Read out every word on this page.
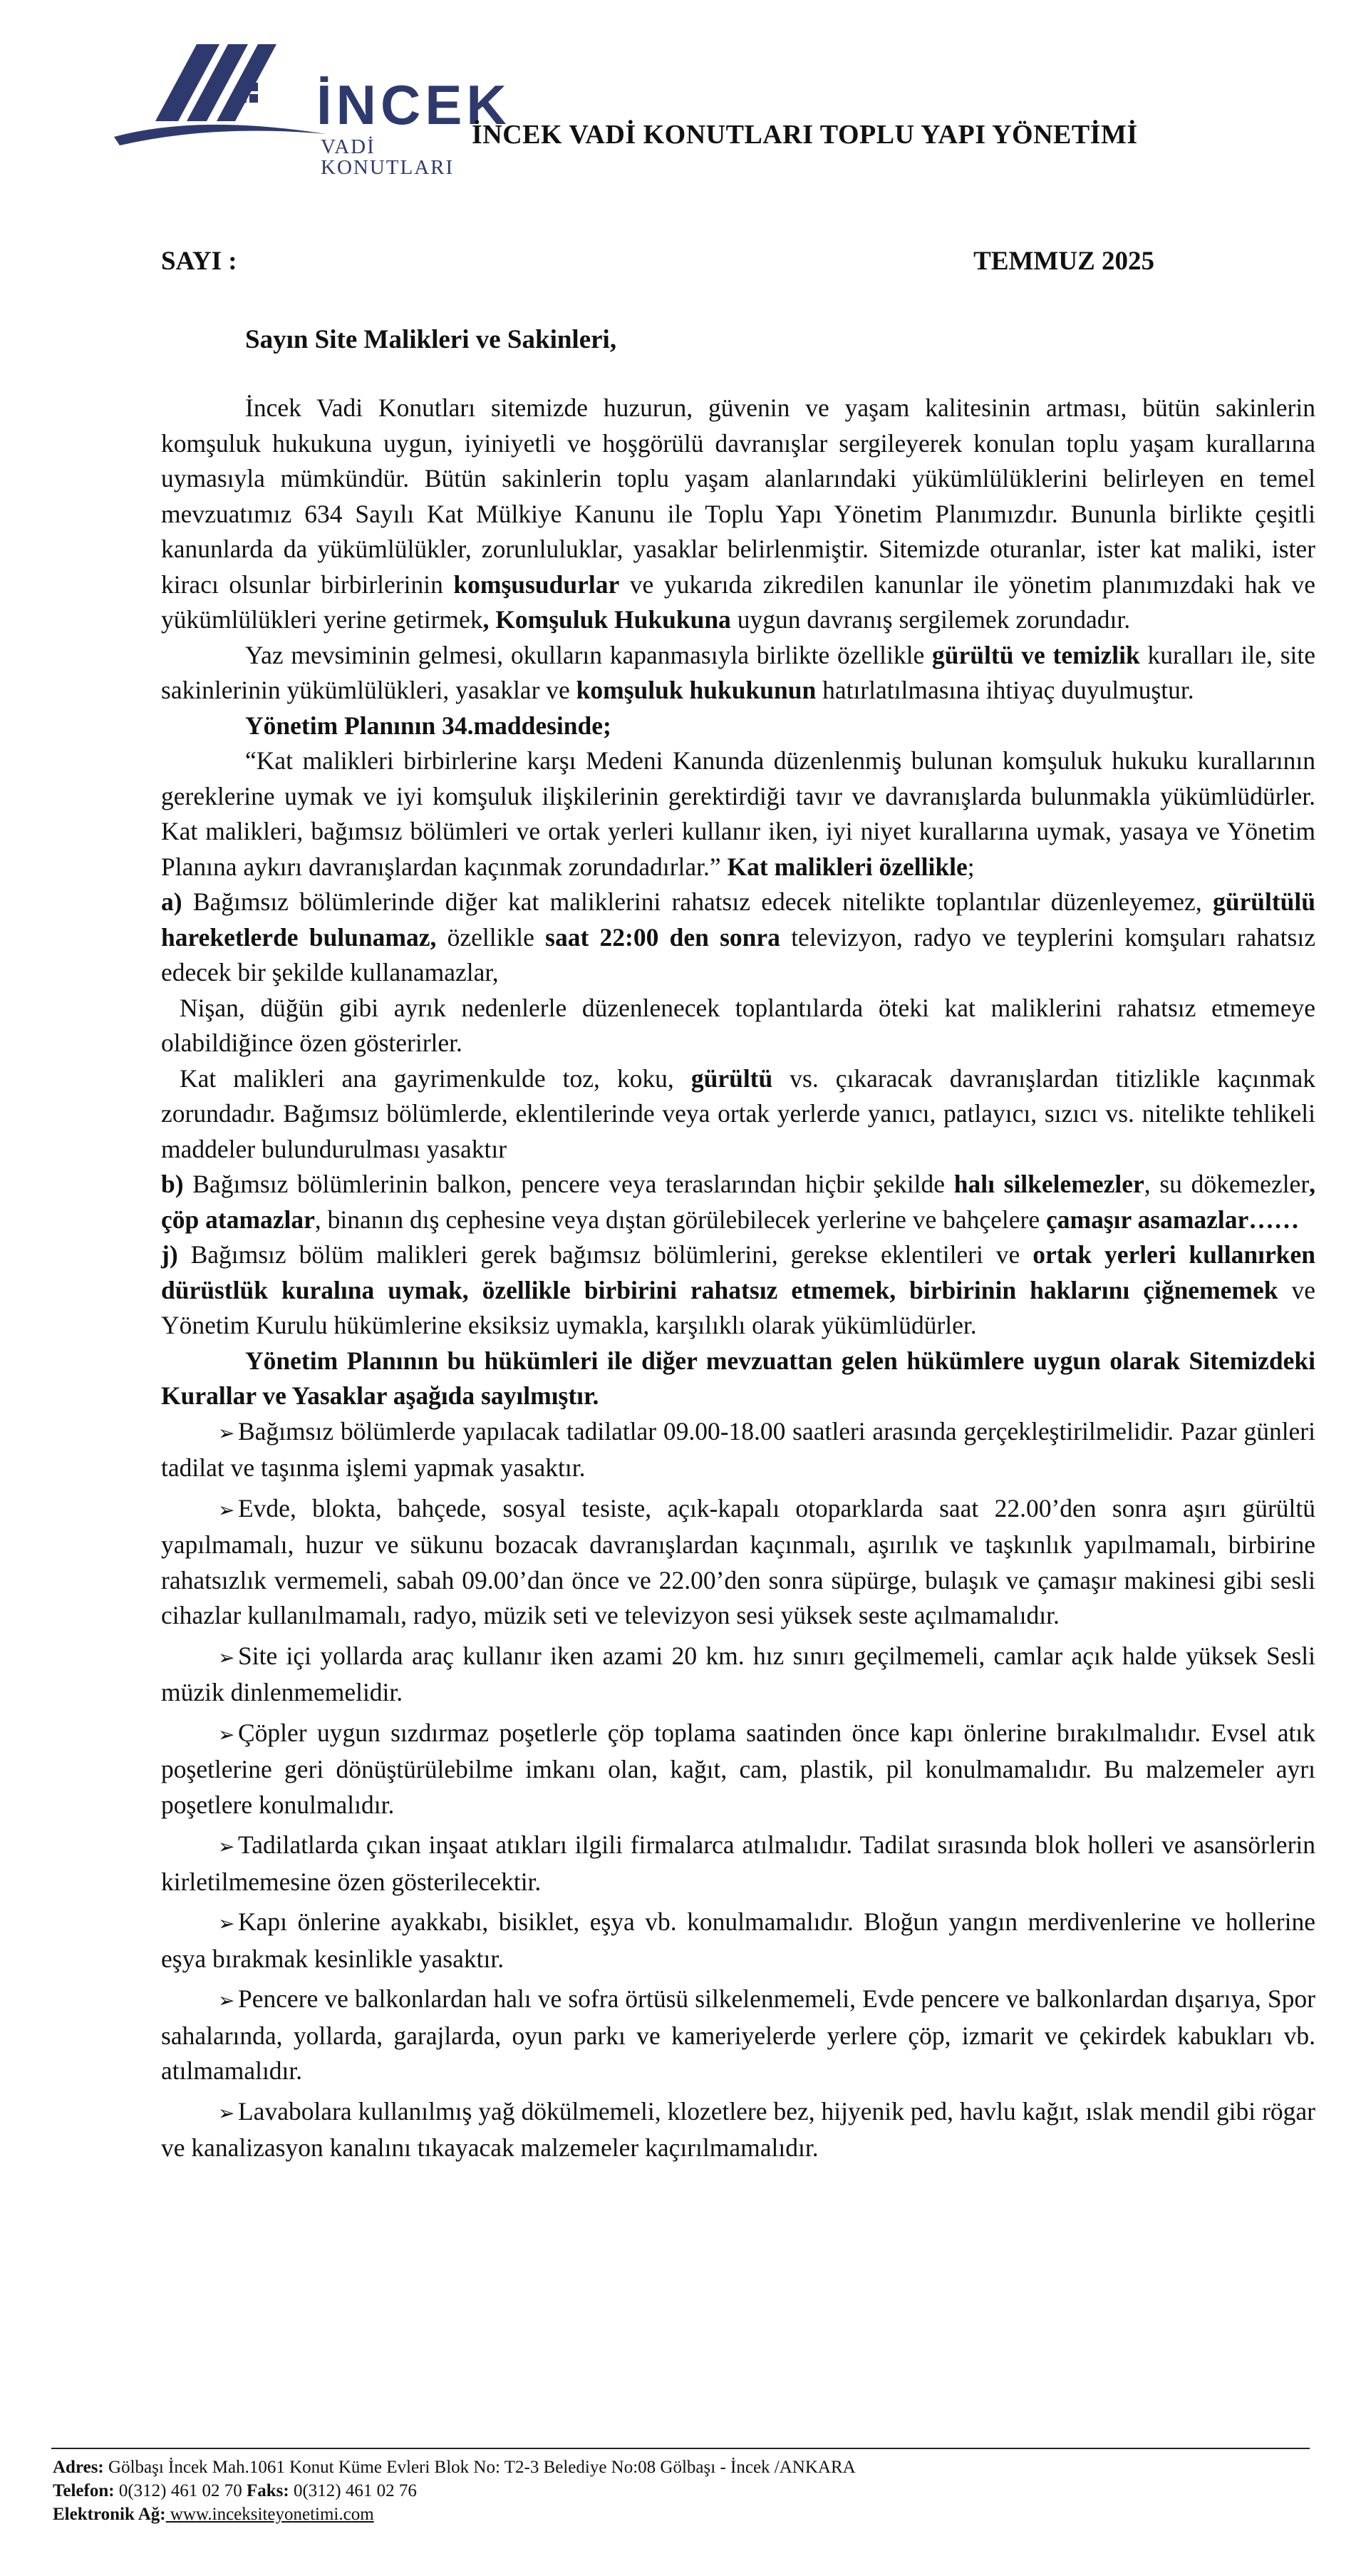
İNCEK
VADİ KONUTLARI
İNCEK VADİ KONUTLARI TOPLU YAPI YÖNETİMİ
SAYI :	TEMMUZ 2025
Sayın Site Malikleri ve Sakinleri,

İncek Vadi Konutları sitemizde huzurun, güvenin ve yaşam kalitesinin artması, bütün sakinlerin komşuluk hukukuna uygun, iyiniyetli ve hoşgörülü davranışlar sergileyerek konulan toplu yaşam kurallarına uymasıyla mümkündür. Bütün sakinlerin toplu yaşam alanlarındaki yükümlülüklerini belirleyen en temel mevzuatımız 634 Sayılı Kat Mülkiye Kanunu ile Toplu Yapı Yönetim Planımızdır. Bununla birlikte çeşitli kanunlarda da yükümlülükler, zorunluluklar, yasaklar belirlenmiştir. Sitemizde oturanlar, ister kat maliki, ister kiracı olsunlar birbirlerinin komşusudurlar ve yukarıda zikredilen kanunlar ile yönetim planımızdaki hak ve yükümlülükleri yerine getirmek, Komşuluk Hukukuna uygun davranış sergilemek zorundadır.

Yaz mevsiminin gelmesi, okulların kapanmasıyla birlikte özellikle gürültü ve temizlik kuralları ile, site sakinlerinin yükümlülükleri, yasaklar ve komşuluk hukukunun hatırlatılmasına ihtiyaç duyulmuştur.

Yönetim Planının 34.maddesinde;

“Kat malikleri birbirlerine karşı Medeni Kanunda düzenlenmiş bulunan komşuluk hukuku kurallarının gereklerine uymak ve iyi komşuluk ilişkilerinin gerektirdiği tavır ve davranışlarda bulunmakla yükümlüdürler. Kat malikleri, bağımsız bölümleri ve ortak yerleri kullanır iken, iyi niyet kurallarına uymak, yasaya ve Yönetim Planına aykırı davranışlardan kaçınmak zorundadırlar.” Kat malikleri özellikle;

a) Bağımsız bölümlerinde diğer kat maliklerini rahatsız edecek nitelikte toplantılar düzenleyemez, gürültülü hareketlerde bulunamaz, özellikle saat 22:00 den sonra televizyon, radyo ve teyplerini komşuları rahatsız edecek bir şekilde kullanamazlar,

Nişan, düğün gibi ayrık nedenlerle düzenlenecek toplantılarda öteki kat maliklerini rahatsız etmemeye olabildiğince özen gösterirler.

Kat malikleri ana gayrimenkulde toz, koku, gürültü vs. çıkaracak davranışlardan titizlikle kaçınmak zorundadır. Bağımsız bölümlerde, eklentilerinde veya ortak yerlerde yanıcı, patlayıcı, sızıcı vs. nitelikte tehlikeli maddeler bulundurulması yasaktır

b) Bağımsız bölümlerinin balkon, pencere veya teraslarından hiçbir şekilde halı silkelemezler, su dökemezler, çöp atamazlar, binanın dış cephesine veya dıştan görülebilecek yerlerine ve bahçelere çamaşır asamazlar……

j) Bağımsız bölüm malikleri gerek bağımsız bölümlerini, gerekse eklentileri ve ortak yerleri kullanırken dürüstlük kuralına uymak, özellikle birbirini rahatsız etmemek, birbirinin haklarını çiğnememek ve Yönetim Kurulu hükümlerine eksiksiz uymakla, karşılıklı olarak yükümlüdürler.

Yönetim Planının bu hükümleri ile diğer mevzuattan gelen hükümlere uygun olarak Sitemizdeki Kurallar ve Yasaklar aşağıda sayılmıştır.

➢ Bağımsız bölümlerde yapılacak tadilatlar 09.00-18.00 saatleri arasında gerçekleştirilmelidir. Pazar günleri tadilat ve taşınma işlemi yapmak yasaktır.
➢ Evde, blokta, bahçede, sosyal tesiste, açık-kapalı otoparklarda saat 22.00’den sonra aşırı gürültü yapılmamalı, huzur ve sükunu bozacak davranışlardan kaçınmalı, aşırılık ve taşkınlık yapılmamalı, birbirine rahatsızlık vermemeli, sabah 09.00’dan önce ve 22.00’den sonra süpürge, bulaşık ve çamaşır makinesi gibi sesli cihazlar kullanılmamalı, radyo, müzik seti ve televizyon sesi yüksek seste açılmamalıdır.
➢ Site içi yollarda araç kullanır iken azami 20 km. hız sınırı geçilmemeli, camlar açık halde yüksek Sesli müzik dinlenmemelidir.
➢ Çöpler uygun sızdırmaz poşetlerle çöp toplama saatinden önce kapı önlerine bırakılmalıdır. Evsel atık poşetlerine geri dönüştürülebilme imkanı olan, kağıt, cam, plastik, pil konulmamalıdır. Bu malzemeler ayrı poşetlere konulmalıdır.
➢ Tadilatlarda çıkan inşaat atıkları ilgili firmalarca atılmalıdır. Tadilat sırasında blok holleri ve asansörlerin kirletilmemesine özen gösterilecektir.
➢ Kapı önlerine ayakkabı, bisiklet, eşya vb. konulmamalıdır. Bloğun yangın merdivenlerine ve hollerine eşya bırakmak kesinlikle yasaktır.
➢ Pencere ve balkonlardan halı ve sofra örtüsü silkelenmemeli, Evde pencere ve balkonlardan dışarıya, Spor sahalarında, yollarda, garajlarda, oyun parkı ve kameriyelerde yerlere çöp, izmarit ve çekirdek kabukları vb. atılmamalıdır.
➢ Lavabolara kullanılmış yağ dökülmemeli, klozetlere bez, hijyenik ped, havlu kağıt, ıslak mendil gibi rögar ve kanalizasyon kanalını tıkayacak malzemeler kaçırılmamalıdır.
Adres: Gölbaşı İncek Mah.1061 Konut Küme Evleri Blok No: T2-3 Belediye No:08 Gölbaşı - İncek /ANKARA
Telefon: 0(312) 461 02 70 Faks: 0(312) 461 02 76
Elektronik Ağ: www.inceksiteyonetimi.com
